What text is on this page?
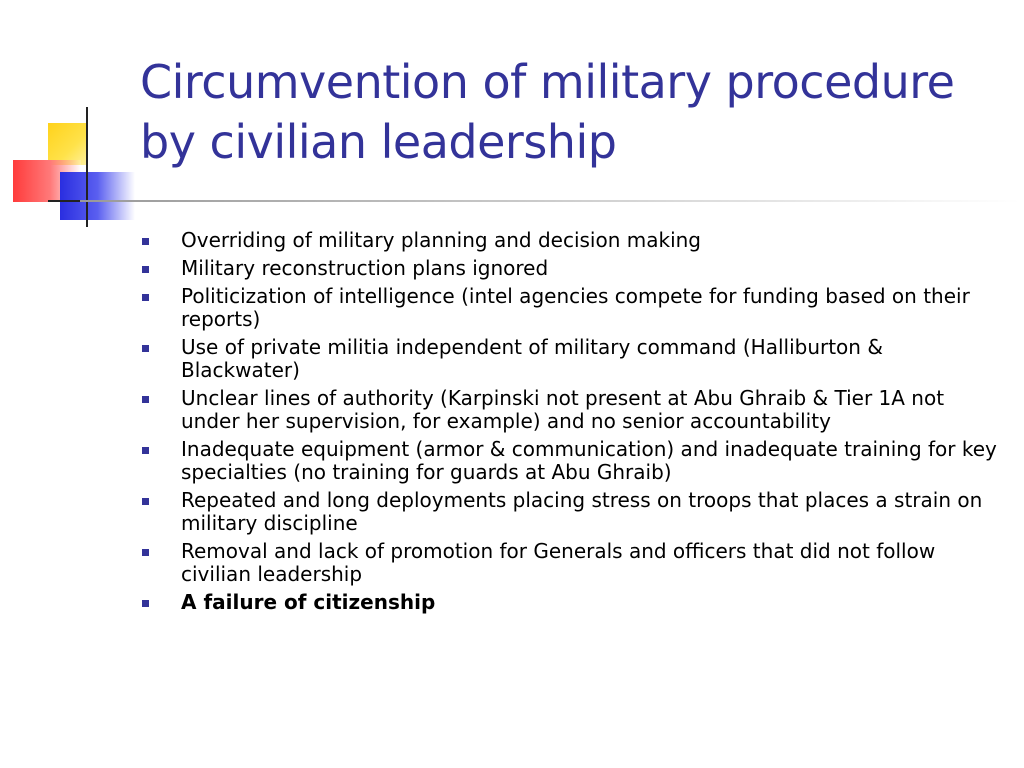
Circumvention of military procedure by civilian leadership
Overriding of military planning and decision making
Military reconstruction plans ignored
Politicization of intelligence (intel agencies compete for funding based on their reports)
Use of private militia independent of military command (Halliburton & Blackwater)
Unclear lines of authority (Karpinski not present at Abu Ghraib & Tier 1A not under her supervision, for example) and no senior accountability
Inadequate equipment (armor & communication) and inadequate training for key specialties (no training for guards at Abu Ghraib)
Repeated and long deployments placing stress on troops that places a strain on military discipline
Removal and lack of promotion for Generals and officers that did not follow civilian leadership
A failure of citizenship
